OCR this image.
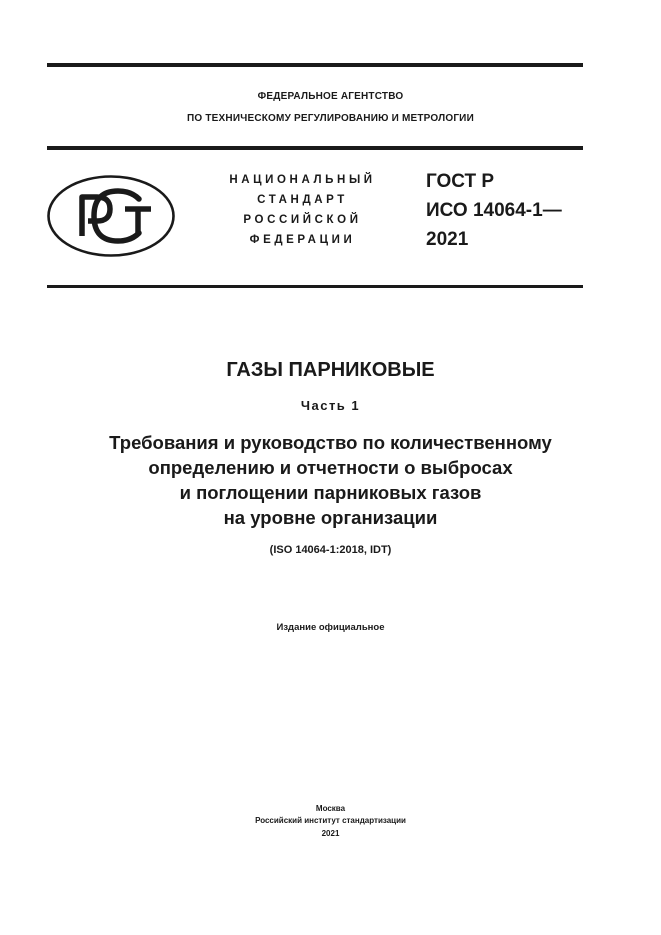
ФЕДЕРАЛЬНОЕ АГЕНТСТВО
ПО ТЕХНИЧЕСКОМУ РЕГУЛИРОВАНИЮ И МЕТРОЛОГИИ
НАЦИОНАЛЬНЫЙ
СТАНДАРТ
РОССИЙСКОЙ
ФЕДЕРАЦИИ
ГОСТ Р
ИСО 14064-1—
2021
ГАЗЫ ПАРНИКОВЫЕ
Часть 1
Требования и руководство по количественному
определению и отчетности о выбросах
и поглощении парниковых газов
на уровне организации
(ISO 14064-1:2018, IDT)
Издание официальное
Москва
Российский институт стандартизации
2021
